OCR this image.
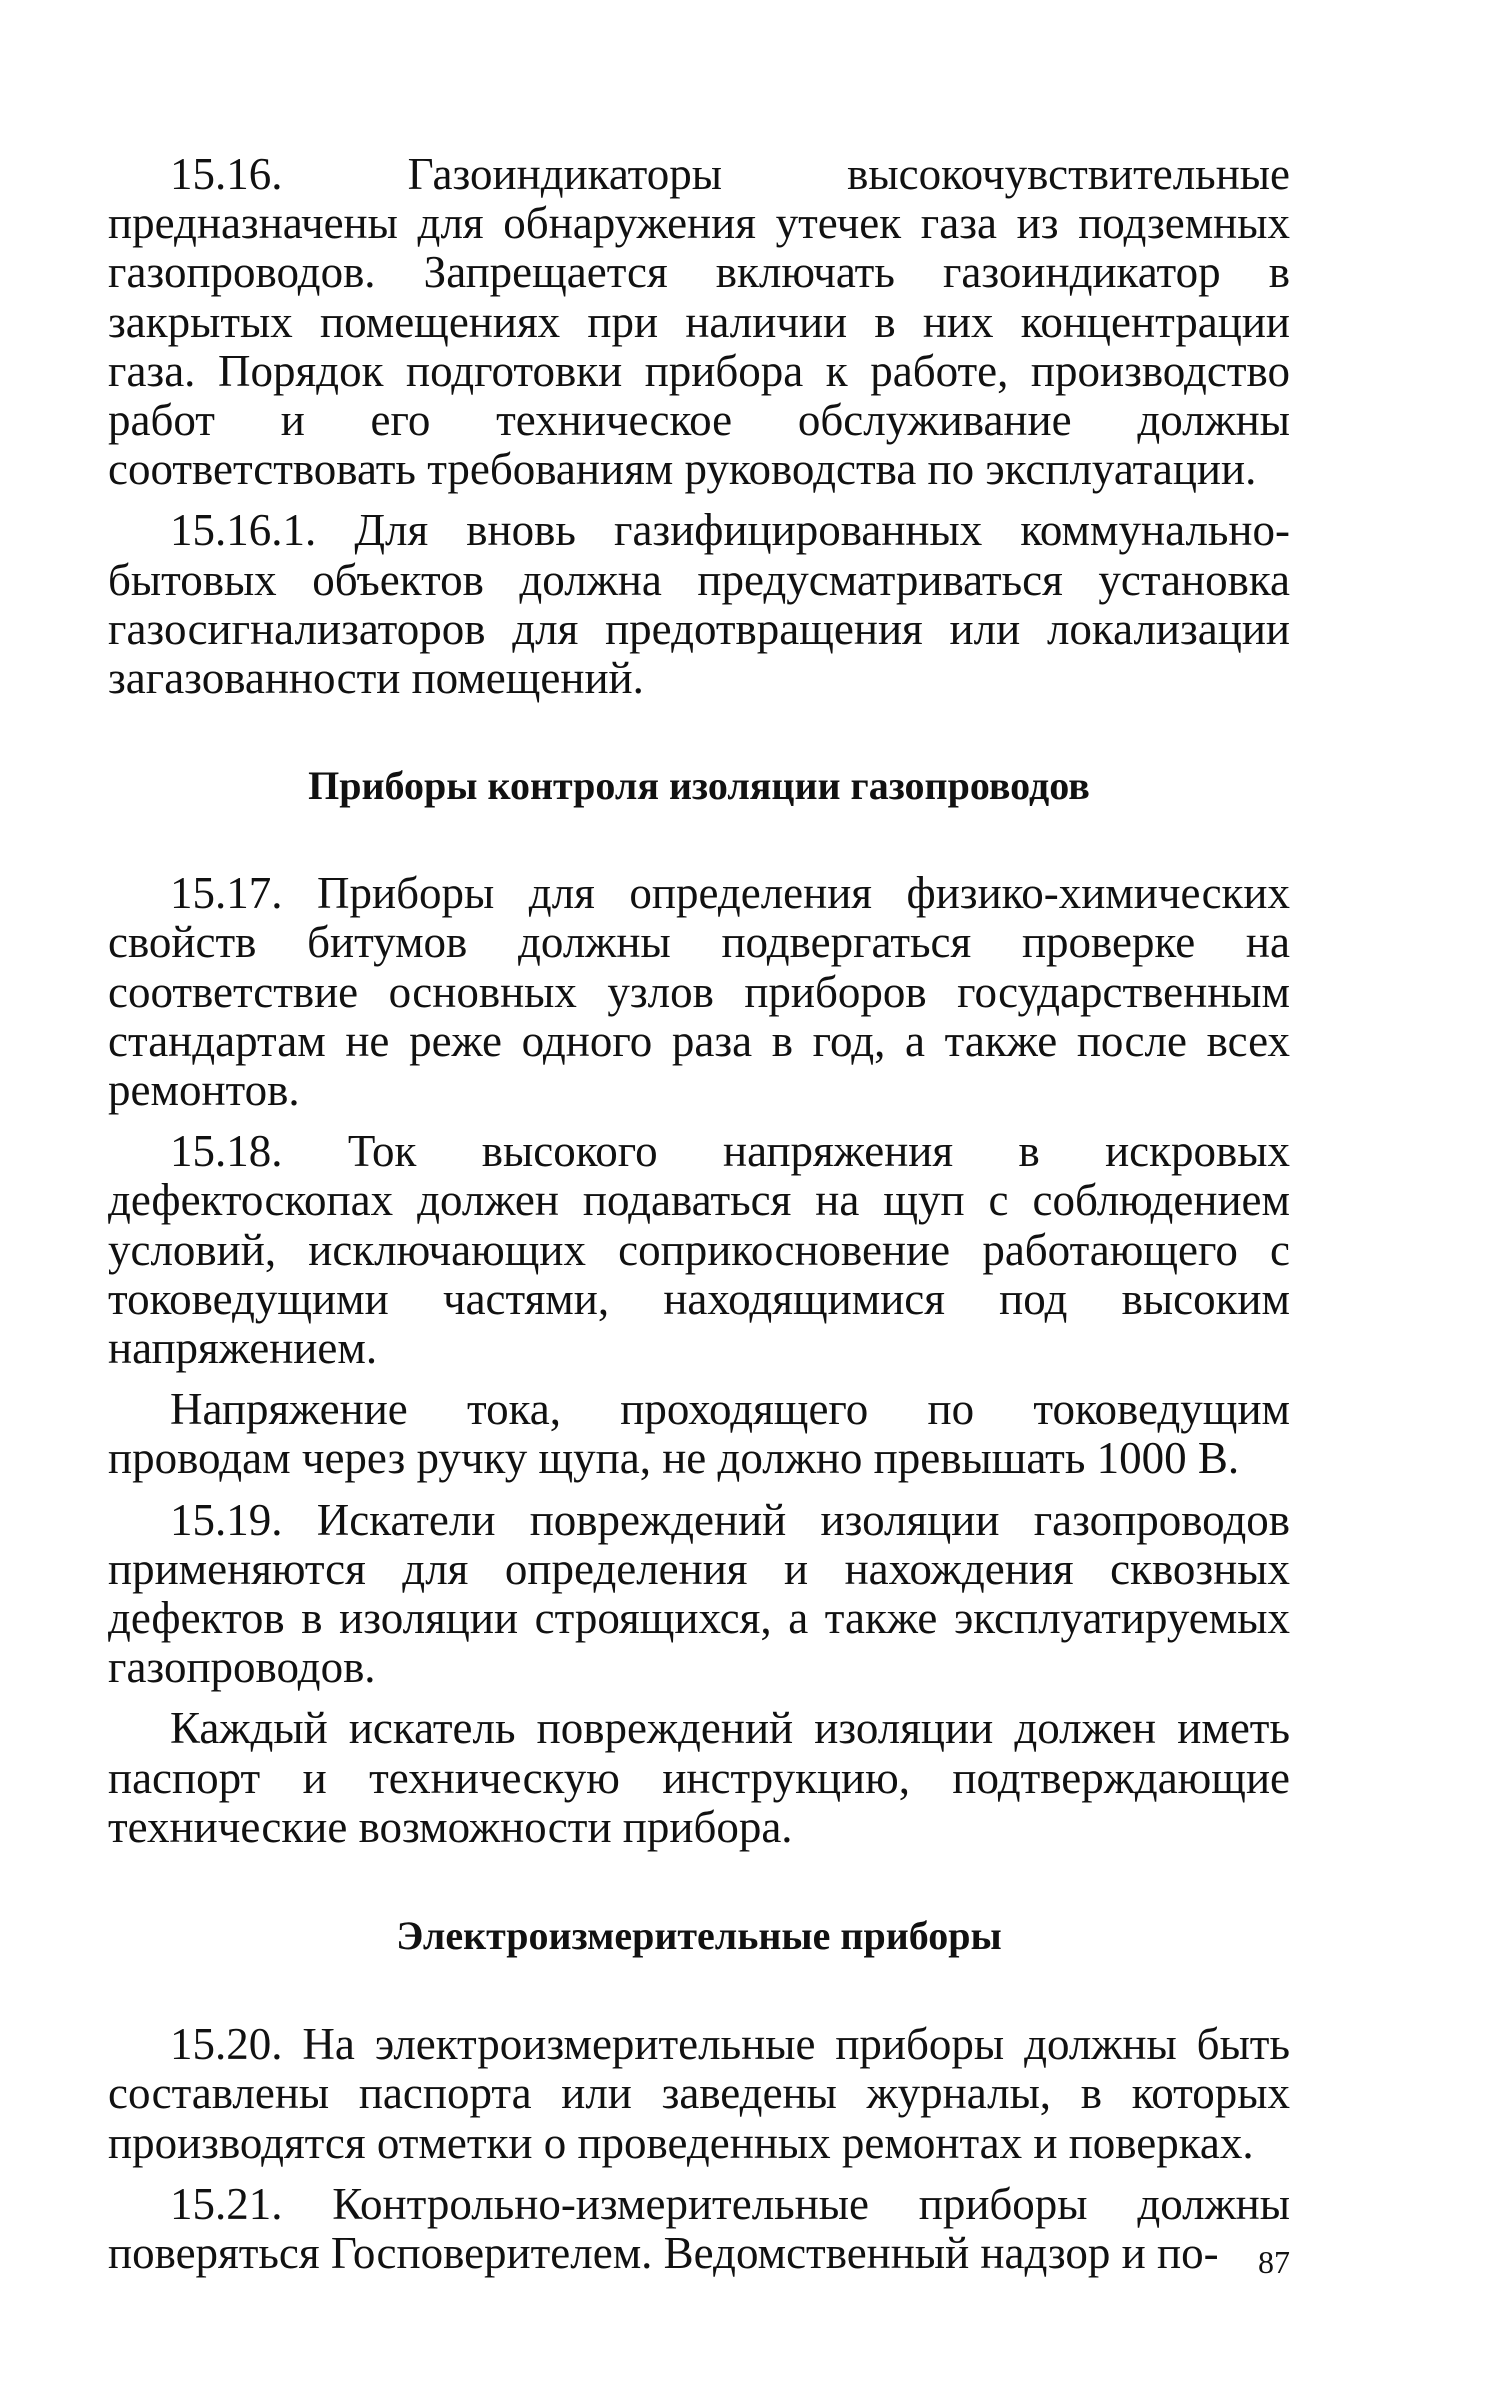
15.16. Газоиндикаторы высокочувствительные предназначены для обнаружения утечек газа из подземных газопроводов. Запрещается включать газоиндикатор в закрытых помещениях при наличии в них концентрации газа. Порядок подготовки прибора к работе, производство работ и его техническое обслуживание должны соответствовать требованиям руководства по эксплуатации.

15.16.1. Для вновь газифицированных коммунально-бытовых объектов должна предусматриваться установка газосигнализаторов для предотвращения или локализации загазованности помещений.

Приборы контроля изоляции газопроводов

15.17. Приборы для определения физико-химических свойств битумов должны подвергаться проверке на соответствие основных узлов приборов государственным стандартам не реже одного раза в год, а также после всех ремонтов.

15.18. Ток высокого напряжения в искровых дефектоскопах должен подаваться на щуп с соблюдением условий, исключающих соприкосновение работающего с токоведущими частями, находящимися под высоким напряжением.

Напряжение тока, проходящего по токоведущим проводам через ручку щупа, не должно превышать 1000 В.

15.19. Искатели повреждений изоляции газопроводов применяются для определения и нахождения сквозных дефектов в изоляции строящихся, а также эксплуатируемых газопроводов.

Каждый искатель повреждений изоляции должен иметь паспорт и техническую инструкцию, подтверждающие технические возможности прибора.

Электроизмерительные приборы

15.20. На электроизмерительные приборы должны быть составлены паспорта или заведены журналы, в которых производятся отметки о проведенных ремонтах и поверках.

15.21. Контрольно-измерительные приборы должны поверяться Госповерителем. Ведомственный надзор и по-	87
